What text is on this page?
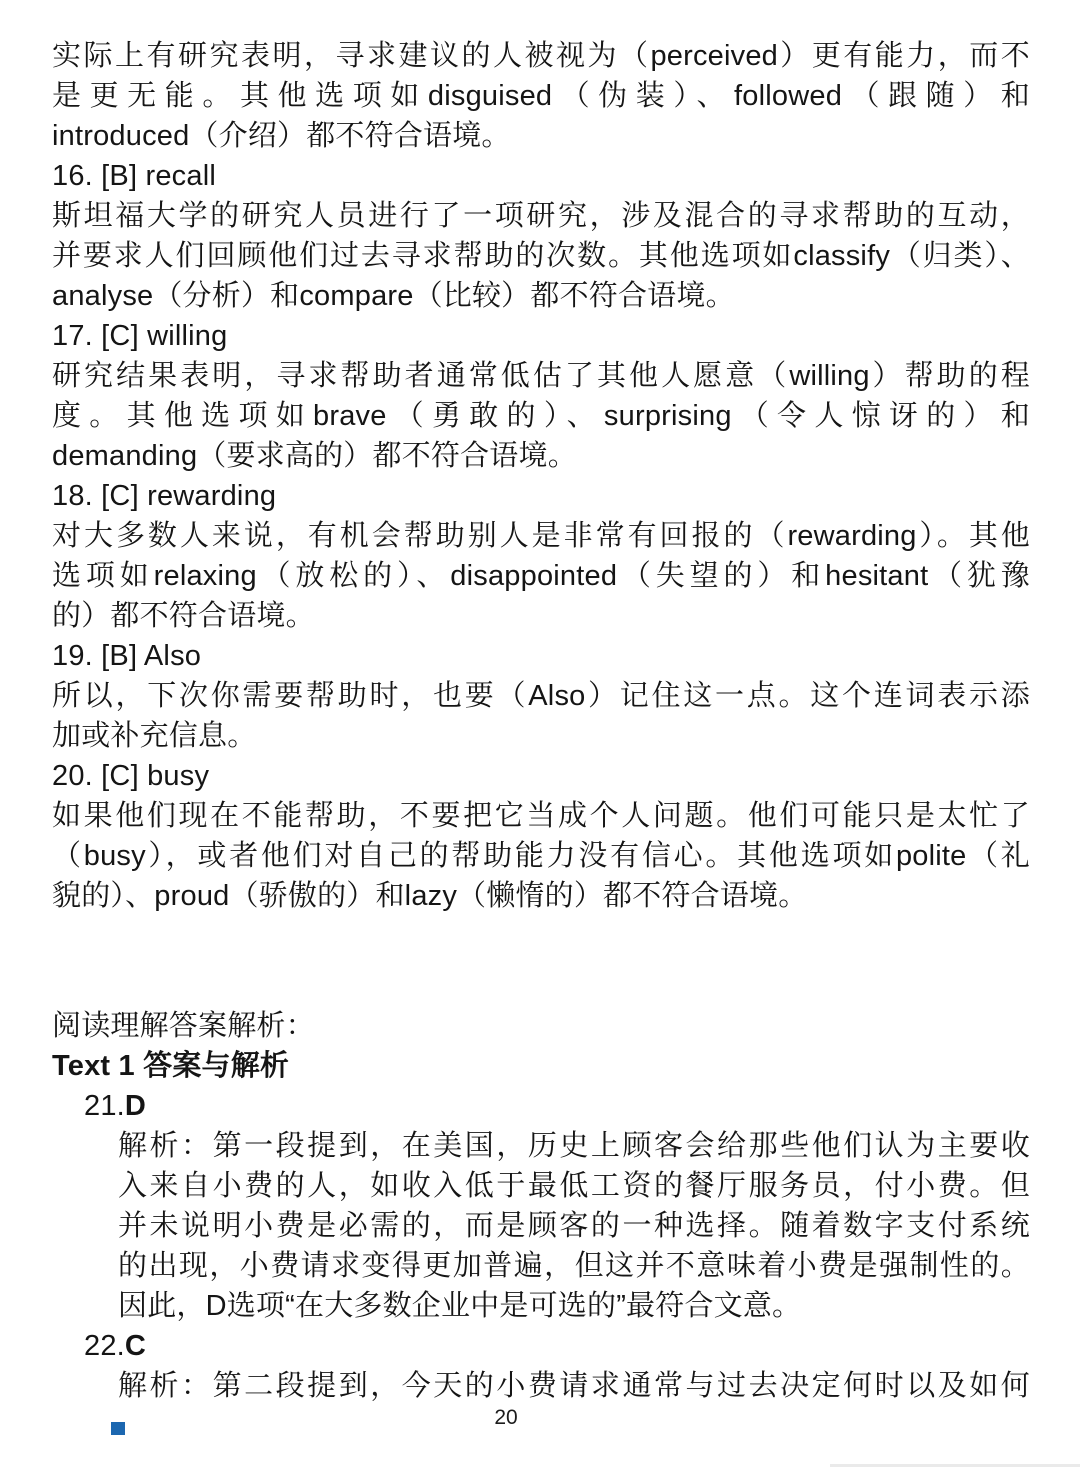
实际上有研究表明，寻求建议的人被视为（perceived）更有能力，而不
是更无能。其他选项如disguised（伪装）、followed（跟随）和
introduced（介绍）都不符合语境。
16. [B] recall
斯坦福大学的研究人员进行了一项研究，涉及混合的寻求帮助的互动，
并要求人们回顾他们过去寻求帮助的次数。其他选项如classify（归类）、
analyse（分析）和compare（比较）都不符合语境。
17. [C] willing
研究结果表明，寻求帮助者通常低估了其他人愿意（willing）帮助的程
度。其他选项如brave（勇敢的）、surprising（令人惊讶的）和
demanding（要求高的）都不符合语境。
18. [C] rewarding
对大多数人来说，有机会帮助别人是非常有回报的（rewarding）。其他
选项如relaxing（放松的）、disappointed（失望的）和hesitant（犹豫
的）都不符合语境。
19. [B] Also
所以，下次你需要帮助时，也要（Also）记住这一点。这个连词表示添
加或补充信息。
20. [C] busy
如果他们现在不能帮助，不要把它当成个人问题。他们可能只是太忙了
（busy），或者他们对自己的帮助能力没有信心。其他选项如polite（礼
貌的）、proud（骄傲的）和lazy（懒惰的）都不符合语境。
阅读理解答案解析：
Text 1 答案与解析
21.D
解析：第一段提到，在美国，历史上顾客会给那些他们认为主要收
入来自小费的人，如收入低于最低工资的餐厅服务员，付小费。但
并未说明小费是必需的，而是顾客的一种选择。随着数字支付系统
的出现，小费请求变得更加普遍，但这并不意味着小费是强制性的。
因此，D选项“在大多数企业中是可选的”最符合文意。
22.C
解析：第二段提到，今天的小费请求通常与过去决定何时以及如何
20
